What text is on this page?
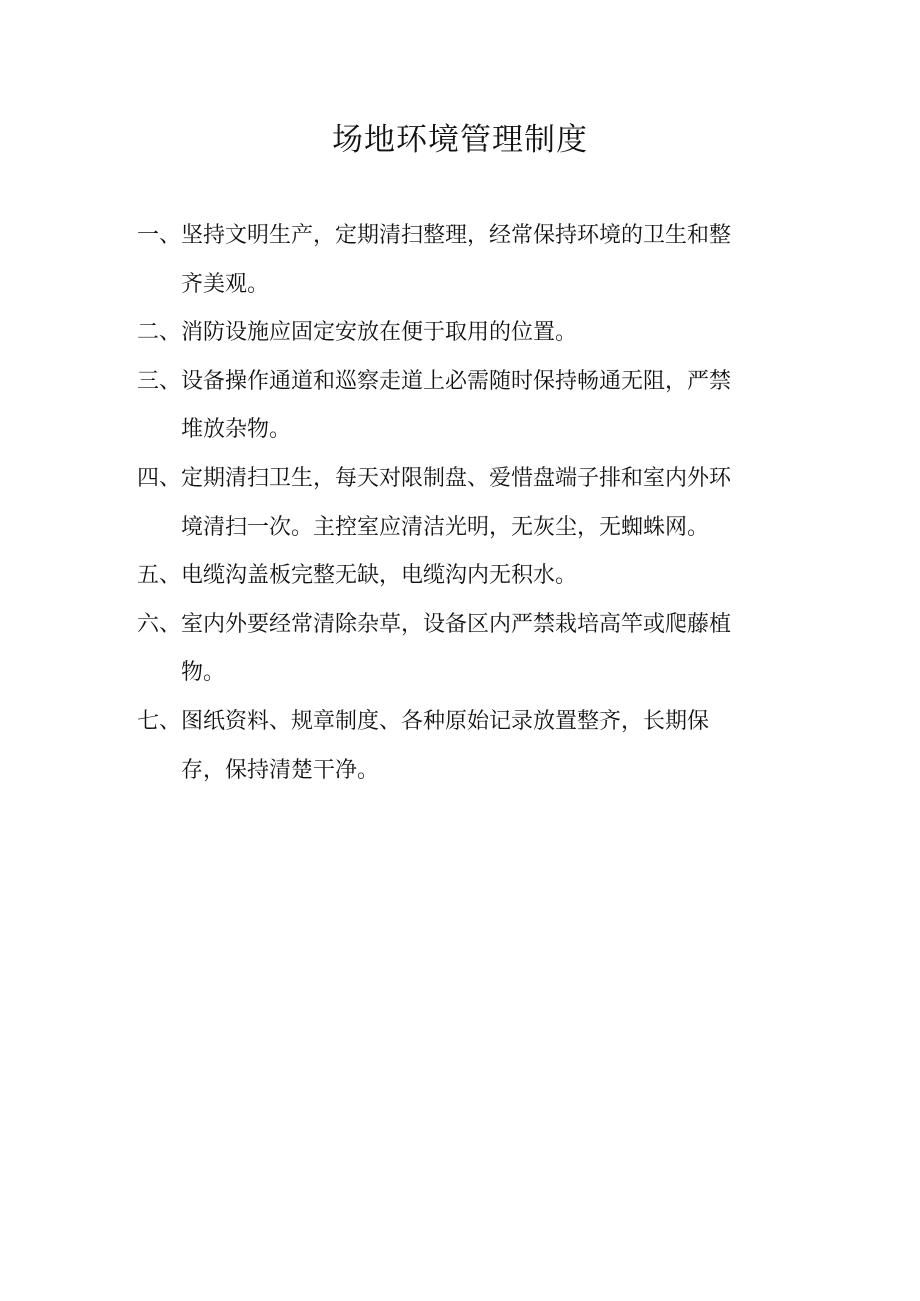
场地环境管理制度
一、 坚持文明生产，定期清扫整理，经常保持环境的卫生和整
齐美观。
二、 消防设施应固定安放在便于取用的位置。
三、 设备操作通道和巡察走道上必需随时保持畅通无阻，严禁
堆放杂物。
四、 定期清扫卫生，每天对限制盘、爱惜盘端子排和室内外环
境清扫一次。主控室应清洁光明，无灰尘，无蜘蛛网。
五、 电缆沟盖板完整无缺，电缆沟内无积水。
六、 室内外要经常清除杂草，设备区内严禁栽培高竿或爬藤植
物。
七、 图纸资料、规章制度、各种原始记录放置整齐，长期保
存，保持清楚干净。
